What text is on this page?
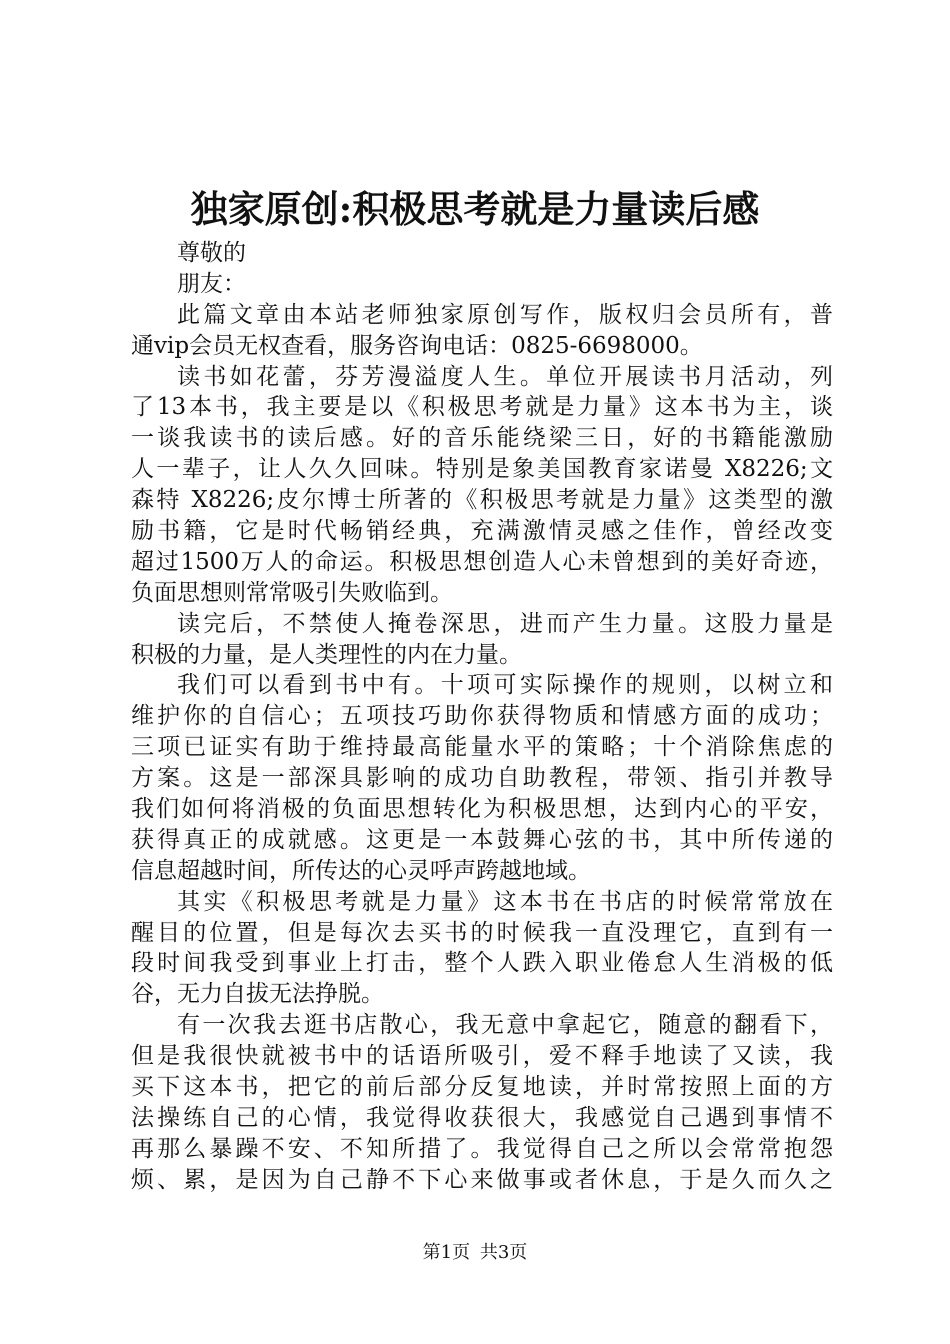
独家原创:积极思考就是力量读后感
尊敬的
朋友：
此篇文章由本站老师独家原创写作，版权归会员所有，普
通vip会员无权查看，服务咨询电话：0825-6698000。
读书如花蕾，芬芳漫溢度人生。单位开展读书月活动，列
了13本书，我主要是以《积极思考就是力量》这本书为主，谈
一谈我读书的读后感。好的音乐能绕梁三日，好的书籍能激励
人一辈子，让人久久回味。特别是象美国教育家诺曼 X8226;文
森特 X8226;皮尔博士所著的《积极思考就是力量》这类型的激
励书籍，它是时代畅销经典，充满激情灵感之佳作，曾经改变
超过1500万人的命运。积极思想创造人心未曾想到的美好奇迹，
负面思想则常常吸引失败临到。
读完后，不禁使人掩卷深思，进而产生力量。这股力量是
积极的力量，是人类理性的内在力量。
我们可以看到书中有。十项可实际操作的规则，以树立和
维护你的自信心；五项技巧助你获得物质和情感方面的成功；
三项已证实有助于维持最高能量水平的策略；十个消除焦虑的
方案。这是一部深具影响的成功自助教程，带领、指引并教导
我们如何将消极的负面思想转化为积极思想，达到内心的平安，
获得真正的成就感。这更是一本鼓舞心弦的书，其中所传递的
信息超越时间，所传达的心灵呼声跨越地域。
其实《积极思考就是力量》这本书在书店的时候常常放在
醒目的位置，但是每次去买书的时候我一直没理它，直到有一
段时间我受到事业上打击，整个人跌入职业倦怠人生消极的低
谷，无力自拔无法挣脱。
有一次我去逛书店散心，我无意中拿起它，随意的翻看下，
但是我很快就被书中的话语所吸引，爱不释手地读了又读，我
买下这本书，把它的前后部分反复地读，并时常按照上面的方
法操练自己的心情，我觉得收获很大，我感觉自己遇到事情不
再那么暴躁不安、不知所措了。我觉得自己之所以会常常抱怨
烦、累，是因为自己静不下心来做事或者休息，于是久而久之
第1页 共3页
